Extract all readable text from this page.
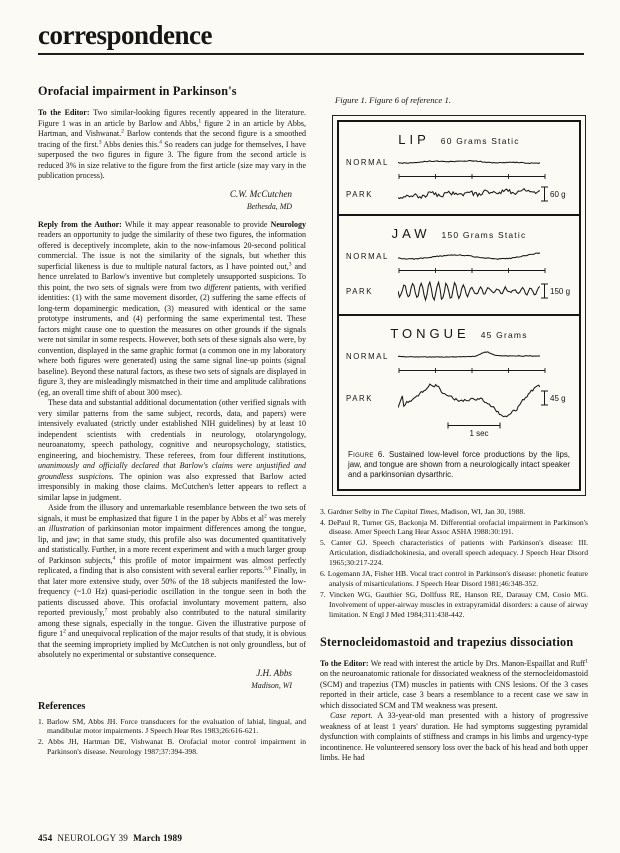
correspondence
Orofacial impairment in Parkinson's

To the Editor: Two similar-looking figures recently appeared in the literature. Figure 1 was in an article by Barlow and Abbs,$^1$ figure 2 in an article by Abbs, Hartman, and Vishwanat.$^2$ Barlow contends that the second figure is a smoothed tracing of the first.$^3$ Abbs denies this.$^4$ So readers can judge for themselves, I have superposed the two figures in figure 3. The figure from the second article is reduced 3% in size relative to the figure from the first article (size may vary in the publication process).

C.W. McCutchen
Bethesda, MD

Reply from the Author: While it may appear reasonable to provide Neurology readers an opportunity to judge the similarity of these two figures, the information offered is deceptively incomplete, akin to the now-infamous 20-second political commercial. The issue is not the similarity of the signals, but whether this superficial likeness is due to multiple natural factors, as I have pointed out,$^3$ and hence unrelated to Barlow's inventive but completely unsupported suspicions. To this point, the two sets of signals were from two different patients, with verified identities: (1) with the same movement disorder, (2) suffering the same effects of long-term dopaminergic medication, (3) measured with identical or the same prototype instruments, and (4) performing the same experimental test. These factors might cause one to question the measures on other grounds if the signals were not similar in some respects. However, both sets of these signals also were, by convention, displayed in the same graphic format (a common one in my laboratory where both figures were generated) using the same signal line-up points (signal baseline). Beyond these natural factors, as these two sets of signals are displayed in figure 3, they are misleadingly mismatched in their time and amplitude calibrations (eg, an overall time shift of about 300 msec).

These data and substantial additional documentation (other verified signals with very similar patterns from the same subject, records, data, and papers) were intensively evaluated (strictly under established NIH guidelines) by at least 10 independent scientists with credentials in neurology, otolaryngology, neuroanatomy, speech pathology, cognitive and neuropsychology, statistics, engineering, and biochemistry. These referees, from four different institutions, unanimously and officially declared that Barlow's claims were unjustified and groundless suspicions. The opinion was also expressed that Barlow acted irresponsibly in making those claims. McCutchen's letter appears to reflect a similar lapse in judgment.

Aside from the illusory and unremarkable resemblance between the two sets of signals, it must be emphasized that figure 1 in the paper by Abbs et $al^2$ was merely an illustration of parkinsonian motor impairment differences among the tongue, lip, and jaw; in that same study, this profile also was documented quantitatively and statistically. Further, in a more recent experiment and with a much larger group of Parkinson subjects,$^4$ this profile of motor impairment was almost perfectly replicated, a finding that is also consistent with several earlier reports.$^{5,6}$ Finally, in that later more extensive study, over 50% of the 18 subjects manifested the low-frequency (~1.0 Hz) quasi-periodic oscillation in the tongue seen in both the patients discussed above. This orofacial involuntary movement pattern, also reported previously,$^7$ most probably also contributed to the natural similarity among these signals, especially in the tongue. Given the illustrative purpose of figure $1^2$ and unequivocal replication of the major results of that study, it is obvious that the seeming impropriety implied by McCutchen is not only groundless, but of absolutely no experimental or substantive consequence.

J.H. Abbs
Madison, WI
References
1. Barlow SM, Abbs JH. Force transducers for the evaluation of labial, lingual, and mandibular motor impairments. J Speech Hear Res 1983;26:616-621.
2. Abbs JH, Hartman DE, Vishwanat B. Orofacial motor control impairment in Parkinson's disease. Neurology 1987;37:394-398.
Figure 1. Figure 6 of reference 1.
LIP 60 Grams Static
NORMAL
PARK	60 g
JAW 150 Grams Static
NORMAL
PARK	150 g
TONGUE 45 Grams
NORMAL
PARK	45 g
1 sec
Figure 6. Sustained low-level force productions by the lips, jaw, and tongue are shown from a neurologically intact speaker and a parkinsonian dysarthric.
3. Gardner Selby in The Capital Times, Madison, WI, Jan 30, 1988.
4. DePaul R, Turner GS, Backonja M. Differential orofacial impairment in Parkinson's disease. Amer Speech Lang Hear Assoc ASHA 1988:30:191.
5. Canter GJ. Speech characteristics of patients with Parkinson's disease: III. Articulation, disdiadchokinesia, and overall speech adequacy. J Speech Hear Disord 1965;30:217-224.
6. Logemann JA, Fisher HB. Vocal tract control in Parkinson's disease: phonetic feature analysis of misarticulations. J Speech Hear Disord 1981;46:348-352.
7. Vincken WG, Gauthier SG, Dollfuss RE, Hanson RE, Darauay CM, Cosio MG. Involvement of upper-airway muscles in extrapyramidal disorders: a cause of airway limitation. N Engl J Med 1984;311:438-442.
Sternocleidomastoid and trapezius dissociation

To the Editor: We read with interest the article by Drs. Manon-Espaillat and Ruff$^1$ on the neuroanatomic rationale for dissociated weakness of the sternocleidomastoid (SCM) and trapezius (TM) muscles in patients with CNS lesions. Of the 3 cases reported in their article, case 3 bears a resemblance to a recent case we saw in which dissociated SCM and TM weakness was present.

Case report. A 33-year-old man presented with a history of progressive weakness of at least 1 years' duration. He had symptoms suggesting pyramidal dysfunction with complaints of stiffness and cramps in his limbs and urgency-type incontinence. He volunteered sensory loss over the back of his head and both upper limbs. He had

454 NEUROLOGY 39 March 1989
